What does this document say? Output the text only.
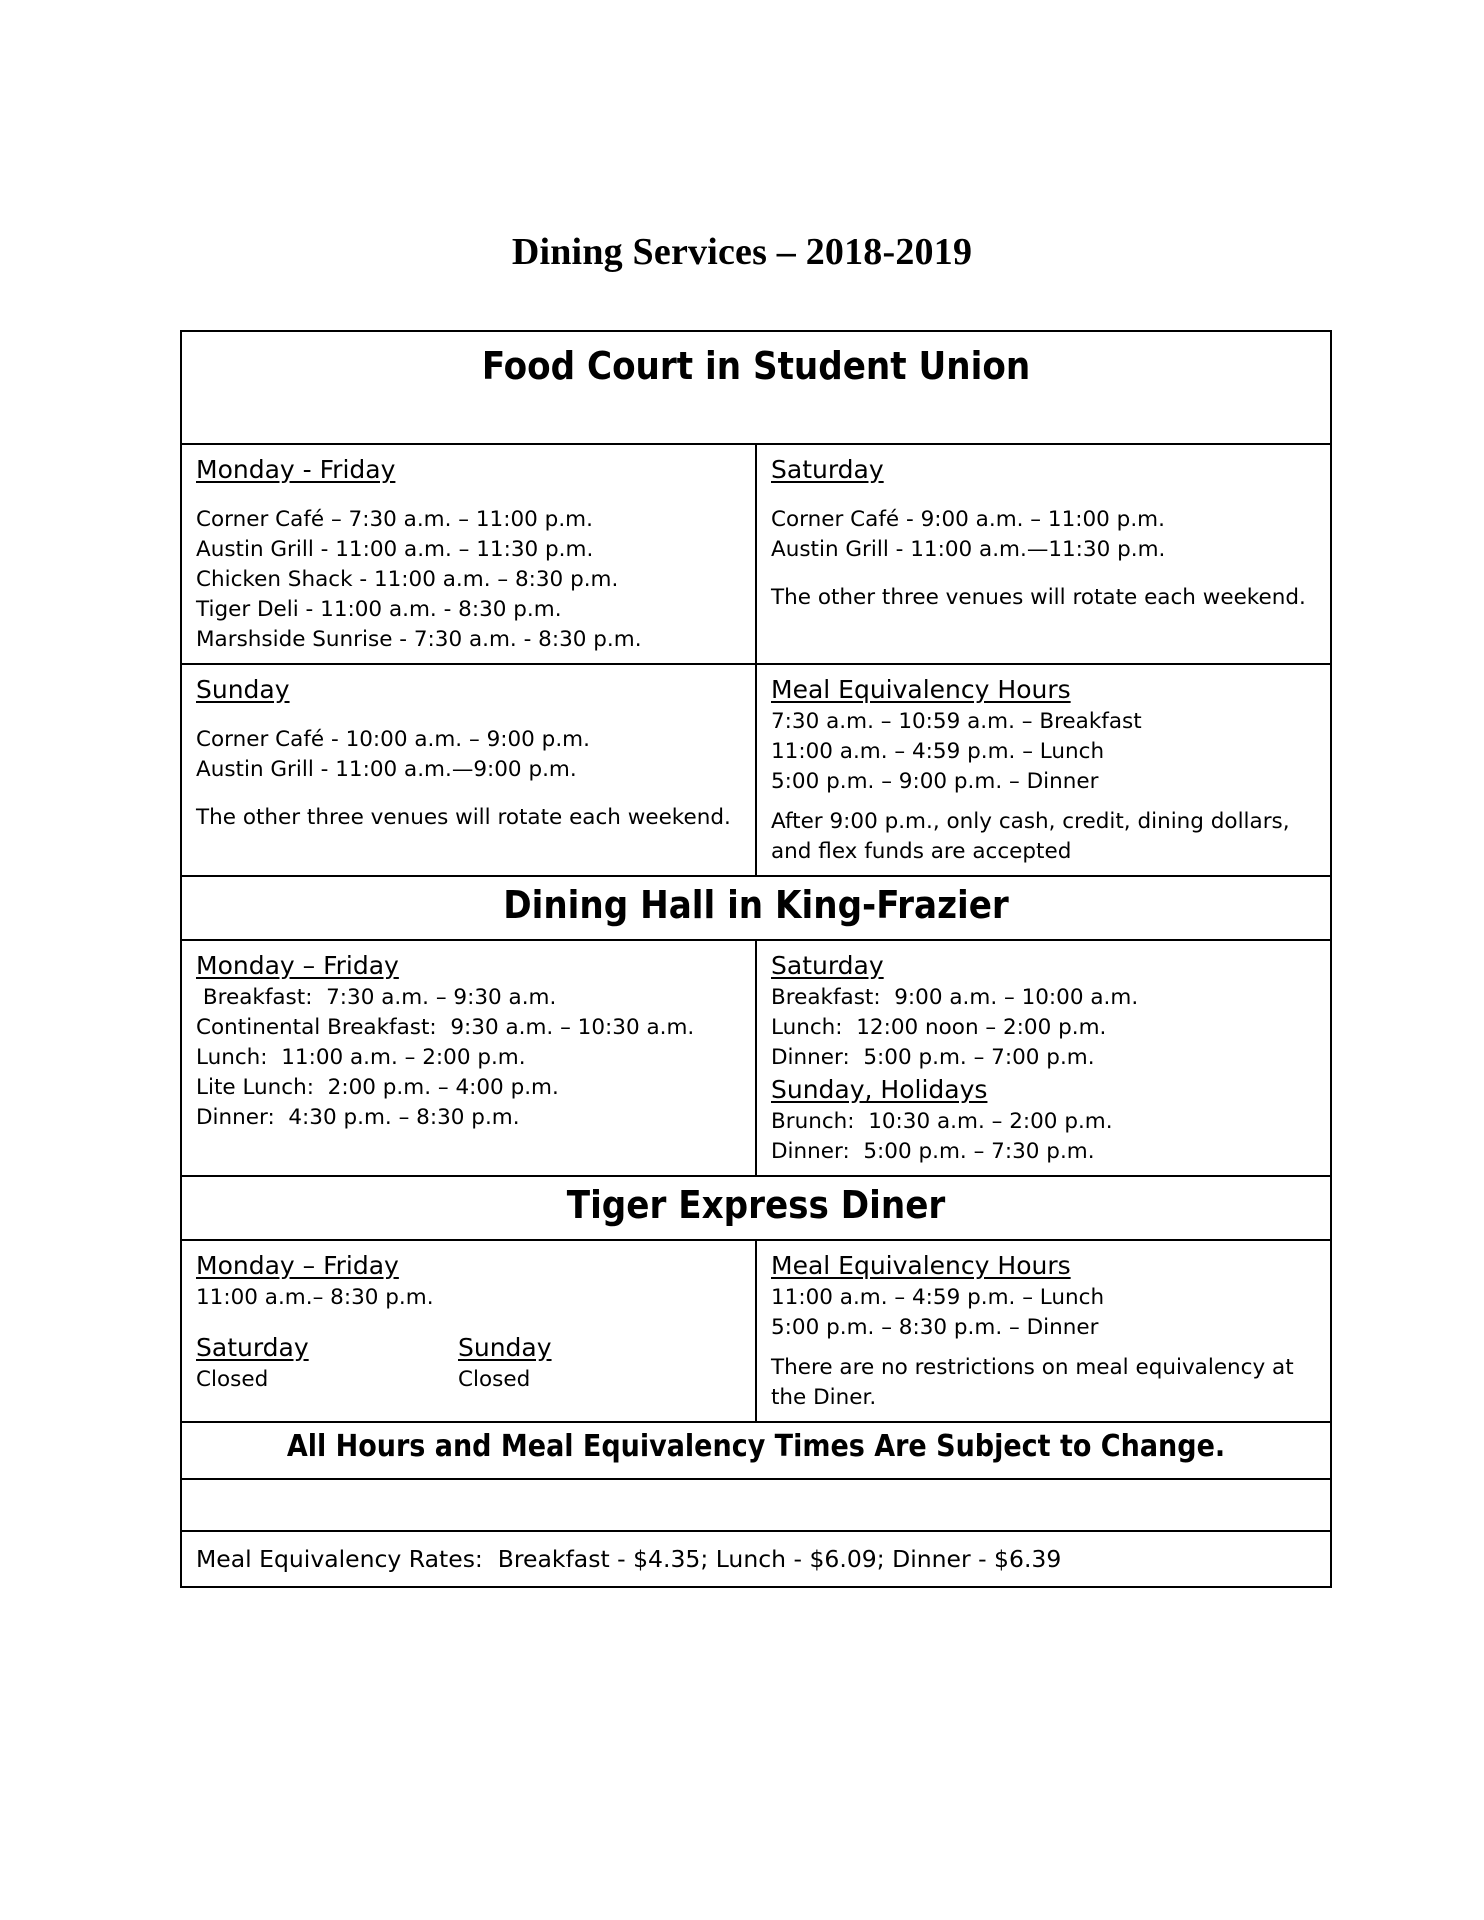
Dining Services – 2018-2019
Food Court in Student Union
Monday - Friday
Corner Café – 7:30 a.m. – 11:00 p.m.
Austin Grill - 11:00 a.m. – 11:30 p.m.
Chicken Shack - 11:00 a.m. – 8:30 p.m.
Tiger Deli - 11:00 a.m. - 8:30 p.m.
Marshside Sunrise - 7:30 a.m. - 8:30 p.m.
Saturday
Corner Café - 9:00 a.m. – 11:00 p.m.
Austin Grill - 11:00 a.m.—11:30 p.m.
The other three venues will rotate each weekend.
Sunday
Corner Café - 10:00 a.m. – 9:00 p.m.
Austin Grill - 11:00 a.m.—9:00 p.m.
The other three venues will rotate each weekend.
Meal Equivalency Hours
7:30 a.m. – 10:59 a.m. – Breakfast
11:00 a.m. – 4:59 p.m. – Lunch
5:00 p.m. – 9:00 p.m. – Dinner
After 9:00 p.m., only cash, credit, dining dollars, and flex funds are accepted
Dining Hall in King-Frazier
Monday – Friday
Breakfast:  7:30 a.m. – 9:30 a.m.
Continental Breakfast:  9:30 a.m. – 10:30 a.m.
Lunch:  11:00 a.m. – 2:00 p.m.
Lite Lunch:  2:00 p.m. – 4:00 p.m.
Dinner:  4:30 p.m. – 8:30 p.m.
Saturday
Breakfast:  9:00 a.m. – 10:00 a.m.
Lunch:  12:00 noon – 2:00 p.m.
Dinner:  5:00 p.m. – 7:00 p.m.
Sunday, Holidays
Brunch:  10:30 a.m. – 2:00 p.m.
Dinner:  5:00 p.m. – 7:30 p.m.
Tiger Express Diner
Monday – Friday
11:00 a.m.– 8:30 p.m.
Saturday	Sunday
Closed	Closed
Meal Equivalency Hours
11:00 a.m. – 4:59 p.m. – Lunch
5:00 p.m. – 8:30 p.m. – Dinner
There are no restrictions on meal equivalency at the Diner.
All Hours and Meal Equivalency Times Are Subject to Change.
Meal Equivalency Rates:  Breakfast - $4.35; Lunch - $6.09; Dinner - $6.39
